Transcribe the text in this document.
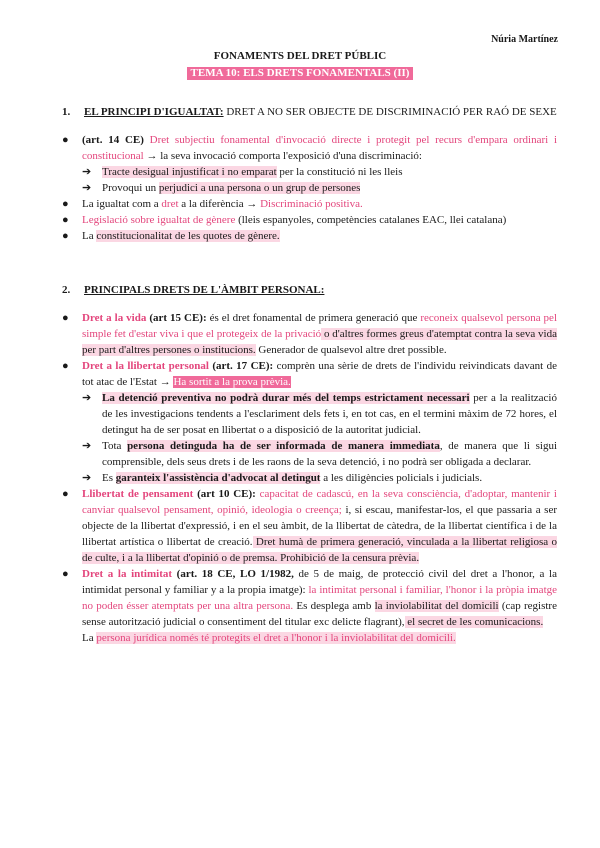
Núria Martínez
FONAMENTS DEL DRET PÚBLIC
TEMA 10: ELS DRETS FONAMENTALS (II)

1. EL PRINCIPI D'IGUALTAT: DRET A NO SER OBJECTE DE DISCRIMINACIÓ PER RAÓ DE SEXE

● (art. 14 CE) Dret subjectiu fonamental d'invocació directe i protegit pel recurs d'empara ordinari i constitucional → la seva invocació comporta l'exposició d'una discriminació:
➔ Tracte desigual injustificat i no emparat per la constitució ni les lleis
➔ Provoqui un perjudici a una persona o un grup de persones
● La igualtat com a dret a la diferència → Discriminació positiva.
● Legislació sobre igualtat de gènere (lleis espanyoles, competències catalanes EAC, llei catalana)
● La constitucionalitat de les quotes de gènere.

2. PRINCIPALS DRETS DE L'ÀMBIT PERSONAL:

● Dret a la vida (art 15 CE): és el dret fonamental de primera generació que reconeix qualsevol persona pel simple fet d'estar viva i que el protegeix de la privació o d'altres formes greus d'atemptat contra la seva vida per part d'altres persones o institucions. Generador de qualsevol altre dret possible.
● Dret a la llibertat personal (art. 17 CE): comprèn una sèrie de drets de l'individu reivindicats davant de tot atac de l'Estat → Ha sortit a la prova prèvia.
➔ La detenció preventiva no podrà durar més del temps estrictament necessari per a la realització de les investigacions tendents a l'esclariment dels fets i, en tot cas, en el termini màxim de 72 hores, el detingut ha de ser posat en llibertat o a disposició de la autoritat judicial.
➔ Tota persona detinguda ha de ser informada de manera immediata, de manera que li sigui comprensible, dels seus drets i de les raons de la seva detenció, i no podrà ser obligada a declarar.
➔ Es garanteix l'assistència d'advocat al detingut a les diligències policials i judicials.
● Llibertat de pensament (art 10 CE): capacitat de cadascú, en la seva consciència, d'adoptar, mantenir i canviar qualsevol pensament, opinió, ideologia o creença; i, si escau, manifestar-los, el que passaria a ser objecte de la llibertat d'expressió, i en el seu àmbit, de la llibertat de càtedra, de la llibertat científica i de la llibertat artística o llibertat de creació. Dret humà de primera generació, vinculada a la llibertat religiosa o de culte, i a la llibertat d'opinió o de premsa. Prohibició de la censura prèvia.
● Dret a la intimitat (art. 18 CE, LO 1/1982, de 5 de maig, de protecció civil del dret a l'honor, a la intimidat personal y familiar y a la propia imatge): la intimitat personal i familiar, l'honor i la pròpia imatge no poden ésser atemptats per una altra persona. Es desplega amb la inviolabilitat del domicili (cap registre sense autorització judicial o consentiment del titular exc delicte flagrant), el secret de les comunicacions.
La persona jurídica només té protegits el dret a l'honor i la inviolabilitat del domicili.
